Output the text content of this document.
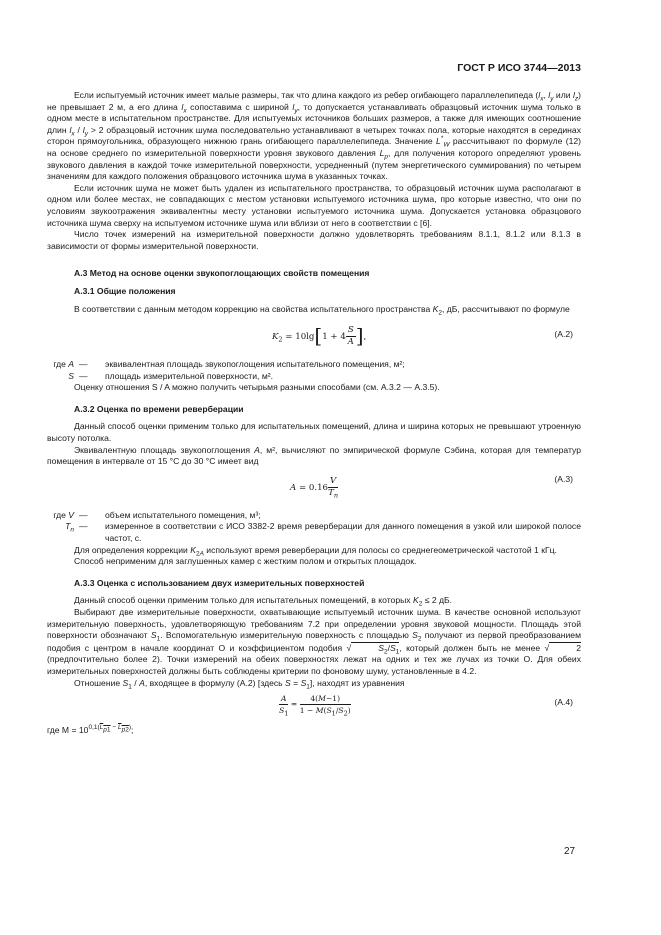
ГОСТ Р ИСО 3744—2013

Если испытуемый источник имеет малые размеры, так что длина каждого из ребер огибающего параллелепипеда ($l_x$, $l_y$ или $l_z$) не превышает 2 м, а его длина $l_x$ сопоставима с шириной $l_y$, то допускается устанавливать образцовый источник шума только в одном месте в испытательном пространстве. Для испытуемых источников больших размеров, а также для имеющих соотношение длин $l_x / l_y > 2$ образцовый источник шума последовательно устанавливают в четырех точках пола, которые находятся в серединах сторон прямоугольника, образующего нижнюю грань огибающего параллелепипеда. Значение $L^*_W$ рассчитывают по формуле (12) на основе среднего по измерительной поверхности уровня звукового давления $L_p$, для получения которого определяют уровень звукового давления в каждой точке измерительной поверхности, усредненный (путем энергетического суммирования) по четырем значениям для каждого положения образцового источника шума в указанных точках.

Если источник шума не может быть удален из испытательного пространства, то образцовый источник шума располагают в одном или более местах, не совпадающих с местом установки испытуемого источника шума, про которые известно, что они по условиям звукоотражения эквивалентны месту установки испытуемого источника шума. Допускается установка образцового источника шума сверху на испытуемом источнике шума или вблизи от него в соответствии с [6].

Число точек измерений на измерительной поверхности должно удовлетворять требованиям 8.1.1, 8.1.2 или 8.1.3 в зависимости от формы измерительной поверхности.

А.3 Метод на основе оценки звукопоглощающих свойств помещения
А.3.1 Общие положения

В соответствии с данным методом коррекцию на свойства испытательного пространства $K_2$, дБ, рассчитывают по формуле

$K_2 = 10\lg[1 + 4 \frac{S}{A}$ ],	(А.2)
где A —	эквивалентная площадь звукопоглощения испытательного помещения, м²;
S —	площадь измерительной поверхности, м².

Оценку отношения S / A можно получить четырьмя разными способами (см. А.3.2 — А.3.5).

А.3.2 Оценка по времени реверберации

Данный способ оценки применим только для испытательных помещений, длина и ширина которых не превышают утроенную высоту потолка.

Эквивалентную площадь звукопоглощения A, м², вычисляют по эмпирической формуле Сэбина, которая для температур помещения в интервале от 15 °С до 30 °С имеет вид

$A = 0.16 \frac{V}{T_n}$	(А.3)
где V —	объем испытательного помещения, м³;
$T_n$ —	измеренное в соответствии с ИСО 3382-2 время реверберации для данного помещения в узкой или широкой полосе частот, с.

Для определения коррекции $K_{2A}$ используют время реверберации для полосы со среднегеометрической частотой 1 кГц.

Способ неприменим для заглушенных камер с жестким полом и открытых площадок.

А.3.3 Оценка с использованием двух измерительных поверхностей

Данный способ оценки применим только для испытательных помещений, в которых $K_2 \le 2$ дБ.

Выбирают две измерительные поверхности, охватывающие испытуемый источник шума. В качестве основной используют измерительную поверхность, удовлетворяющую требованиям 7.2 при определении уровня звуковой мощности. Площадь этой поверхности обозначают $S_1$. Вспомогательную измерительную поверхность с площадью $S_2$ получают из первой преобразованием подобия с центром в начале координат О и коэффициентом подобия √	$S_2/S_1$, который должен быть не менее √	2 (предпочтительно более 2). Точки измерений на обеих поверхностях лежат на одних и тех же лучах из точки О. Для обеих измерительных поверхностей должны быть соблюдены критерии по фоновому шуму, установленные в 4.2.

Отношение $S_1$ / A, входящее в формулу (А.2) [здесь $S = S_1$], находят из уравнения

$\frac{A}{S_1} = \frac{4(M-1)}{1 - M(S_1/S_2)}$	(А.4)

где $M = 10^{0,1(L_{p1} - L_{p2})}$;

27
